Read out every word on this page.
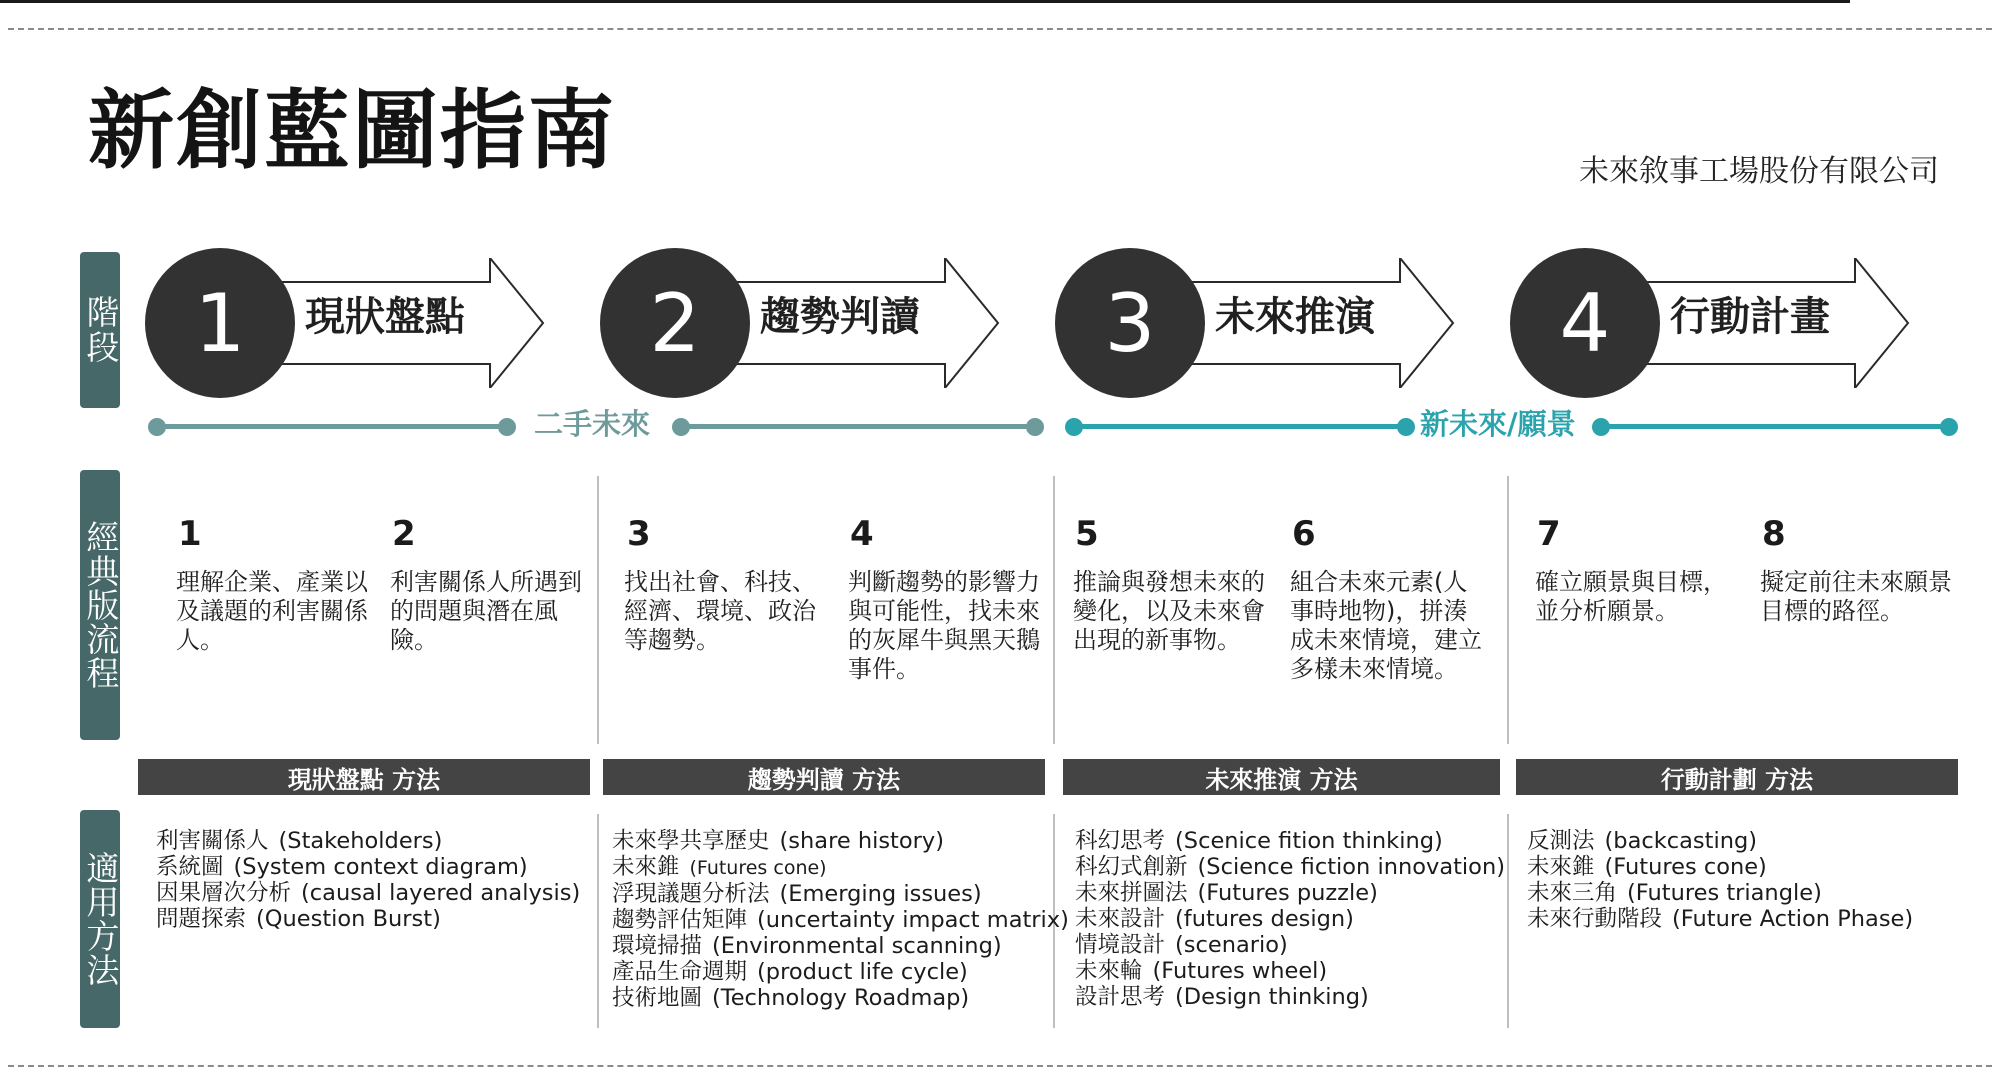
新創藍圖指南	未來敘事工場股份有限公司
階段
經典版流程
適用方法
1	現狀盤點	2	趨勢判讀	3	未來推演	4	行動計畫
二手未來	新未來/願景
1
理解企業、產業以及議題的利害關係人。
2
利害關係人所遇到的問題與潛在風險。
3
找出社會、科技、經濟、環境、政治等趨勢。
4
判斷趨勢的影響力與可能性，找未來的灰犀牛與黑天鵝事件。
5
推論與發想未來的變化，以及未來會出現的新事物。
6
組合未來元素(人事時地物)，拼湊成未來情境，建立多樣未來情境。
7
確立願景與目標，並分析願景。
8
擬定前往未來願景目標的路徑。
現狀盤點 方法	趨勢判讀 方法	未來推演 方法	行動計劃 方法
利害關係人 (Stakeholders)
系統圖 (System context diagram)
因果層次分析 (causal layered analysis)
問題探索 (Question Burst)
未來學共享歷史 (share history)
未來錐 (Futures cone)
浮現議題分析法 (Emerging issues)
趨勢評估矩陣 (uncertainty impact matrix)
環境掃描 (Environmental scanning)
產品生命週期 (product life cycle)
技術地圖 (Technology Roadmap)
科幻思考 (Scenice fition thinking)
科幻式創新 (Science fiction innovation)
未來拼圖法 (Futures puzzle)
未來設計 (futures design)
情境設計 (scenario)
未來輪 (Futures wheel)
設計思考 (Design thinking)
反測法 (backcasting)
未來錐 (Futures cone)
未來三角 (Futures triangle)
未來行動階段 (Future Action Phase)
